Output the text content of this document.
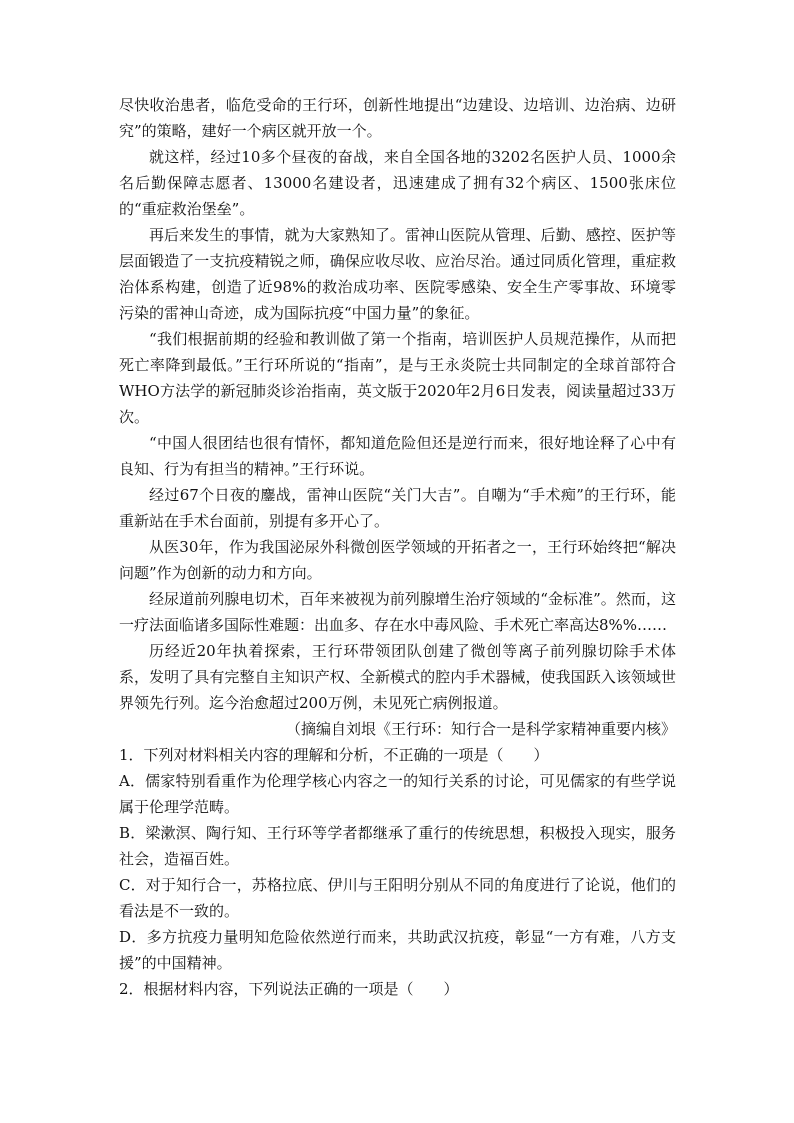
尽快收治患者，临危受命的王行环，创新性地提出“边建设、边培训、边治病、边研究”的策略，建好一个病区就开放一个。

就这样，经过10多个昼夜的奋战，来自全国各地的3202名医护人员、1000余名后勤保障志愿者、13000名建设者，迅速建成了拥有32个病区、1500张床位的“重症救治堡垒”。

再后来发生的事情，就为大家熟知了。雷神山医院从管理、后勤、感控、医护等层面锻造了一支抗疫精锐之师，确保应收尽收、应治尽治。通过同质化管理，重症救治体系构建，创造了近98%的救治成功率、医院零感染、安全生产零事故、环境零污染的雷神山奇迹，成为国际抗疫“中国力量”的象征。

“我们根据前期的经验和教训做了第一个指南，培训医护人员规范操作，从而把死亡率降到最低。”王行环所说的“指南”，是与王永炎院士共同制定的全球首部符合WHO方法学的新冠肺炎诊治指南，英文版于2020年2月6日发表，阅读量超过33万次。

“中国人很团结也很有情怀，都知道危险但还是逆行而来，很好地诠释了心中有良知、行为有担当的精神。”王行环说。

经过67个日夜的鏖战，雷神山医院“关门大吉”。自嘲为“手术痴”的王行环，能重新站在手术台面前，别提有多开心了。

从医30年，作为我国泌尿外科微创医学领域的开拓者之一，王行环始终把“解决问题”作为创新的动力和方向。

经尿道前列腺电切术，百年来被视为前列腺增生治疗领域的“金标准”。然而，这一疗法面临诸多国际性难题：出血多、存在水中毒风险、手术死亡率高达8%%……

历经近20年执着探索，王行环带领团队创建了微创等离子前列腺切除手术体系，发明了具有完整自主知识产权、全新模式的腔内手术器械，使我国跃入该领域世界领先行列。迄今治愈超过200万例，未见死亡病例报道。

（摘编自刘垠《王行环：知行合一是科学家精神重要内核》

1．下列对材料相关内容的理解和分析，不正确的一项是（　　）

A．儒家特别看重作为伦理学核心内容之一的知行关系的讨论，可见儒家的有些学说属于伦理学范畴。

B．梁漱溟、陶行知、王行环等学者都继承了重行的传统思想，积极投入现实，服务社会，造福百姓。

C．对于知行合一，苏格拉底、伊川与王阳明分别从不同的角度进行了论说，他们的看法是不一致的。

D．多方抗疫力量明知危险依然逆行而来，共助武汉抗疫，彰显“一方有难，八方支援”的中国精神。

2．根据材料内容，下列说法正确的一项是（　　）
